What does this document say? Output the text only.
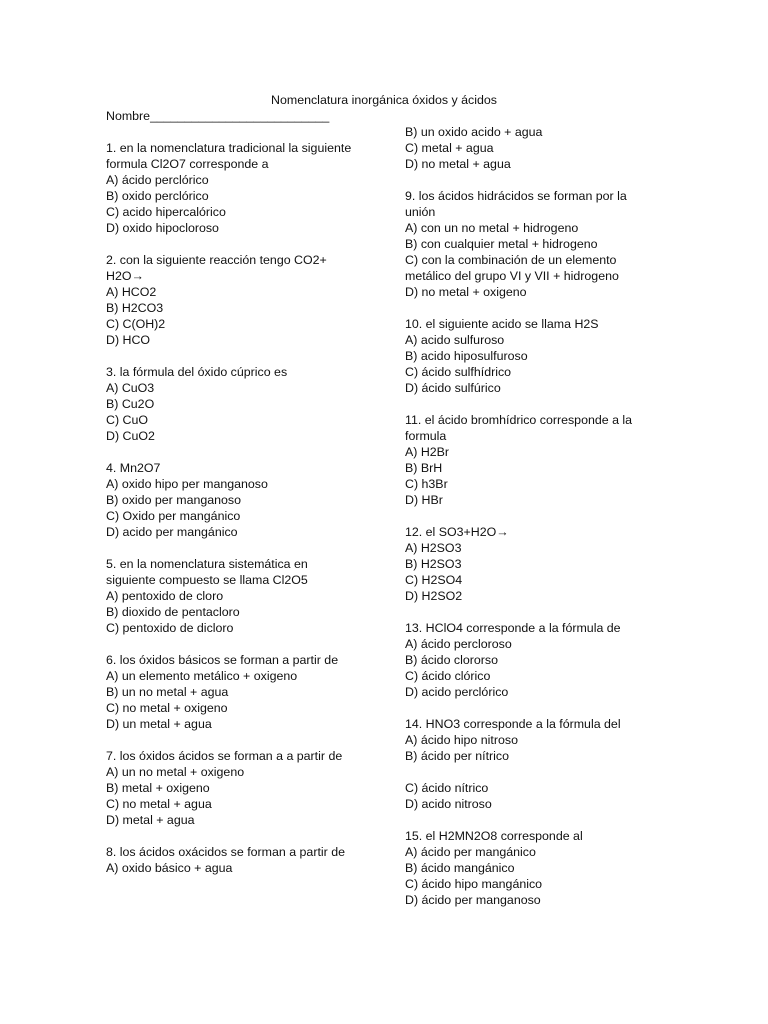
Nomenclatura inorgánica óxidos y ácidos
Nombre__________________________
1. en la nomenclatura tradicional la siguiente
formula Cl2O7 corresponde a
A) ácido perclórico
B) oxido perclórico
C) acido hipercalórico
D) oxido hipocloroso
2. con la siguiente reacción tengo CO2+
H2O→
A) HCO2
B) H2CO3
C) C(OH)2
D) HCO
3. la fórmula del óxido cúprico es
A) CuO3
B) Cu2O
C) CuO
D) CuO2
4. Mn2O7
A) oxido hipo per manganoso
B) oxido per manganoso
C) Oxido per mangánico
D) acido per mangánico
5. en la nomenclatura sistemática en
siguiente compuesto se llama Cl2O5
A) pentoxido de cloro
B) dioxido de pentacloro
C) pentoxido de dicloro
6. los óxidos básicos se forman a partir de
A) un elemento metálico + oxigeno
B) un no metal + agua
C) no metal + oxigeno
D) un metal + agua
7. los óxidos ácidos se forman a a partir de
A) un no metal + oxigeno
B) metal + oxigeno
C) no metal + agua
D) metal + agua
8. los ácidos oxácidos se forman a partir de
A) oxido básico + agua
B) un oxido acido + agua
C) metal + agua
D) no metal + agua
9. los ácidos hidrácidos se forman por la
unión
A) con un no metal + hidrogeno
B) con cualquier metal + hidrogeno
C) con la combinación de un elemento
metálico del grupo VI y VII + hidrogeno
D) no metal + oxigeno
10. el siguiente acido se llama H2S
A) acido sulfuroso
B) acido hiposulfuroso
C) ácido sulfhídrico
D) ácido sulfúrico
11. el ácido bromhídrico corresponde a la
formula
A) H2Br
B) BrH
C) h3Br
D) HBr
12. el SO3+H2O→
A) H2SO3
B) H2SO3
C) H2SO4
D) H2SO2
13. HClO4 corresponde a la fórmula de
A) ácido percloroso
B) ácido clororso
C) ácido clórico
D) acido perclórico
14. HNO3 corresponde a la fórmula del
A) ácido hipo nitroso
B) ácido per nítrico
C) ácido nítrico
D) acido nitroso
15. el H2MN2O8 corresponde al
A) ácido per mangánico
B) ácido mangánico
C) ácido hipo mangánico
D) ácido per manganoso
